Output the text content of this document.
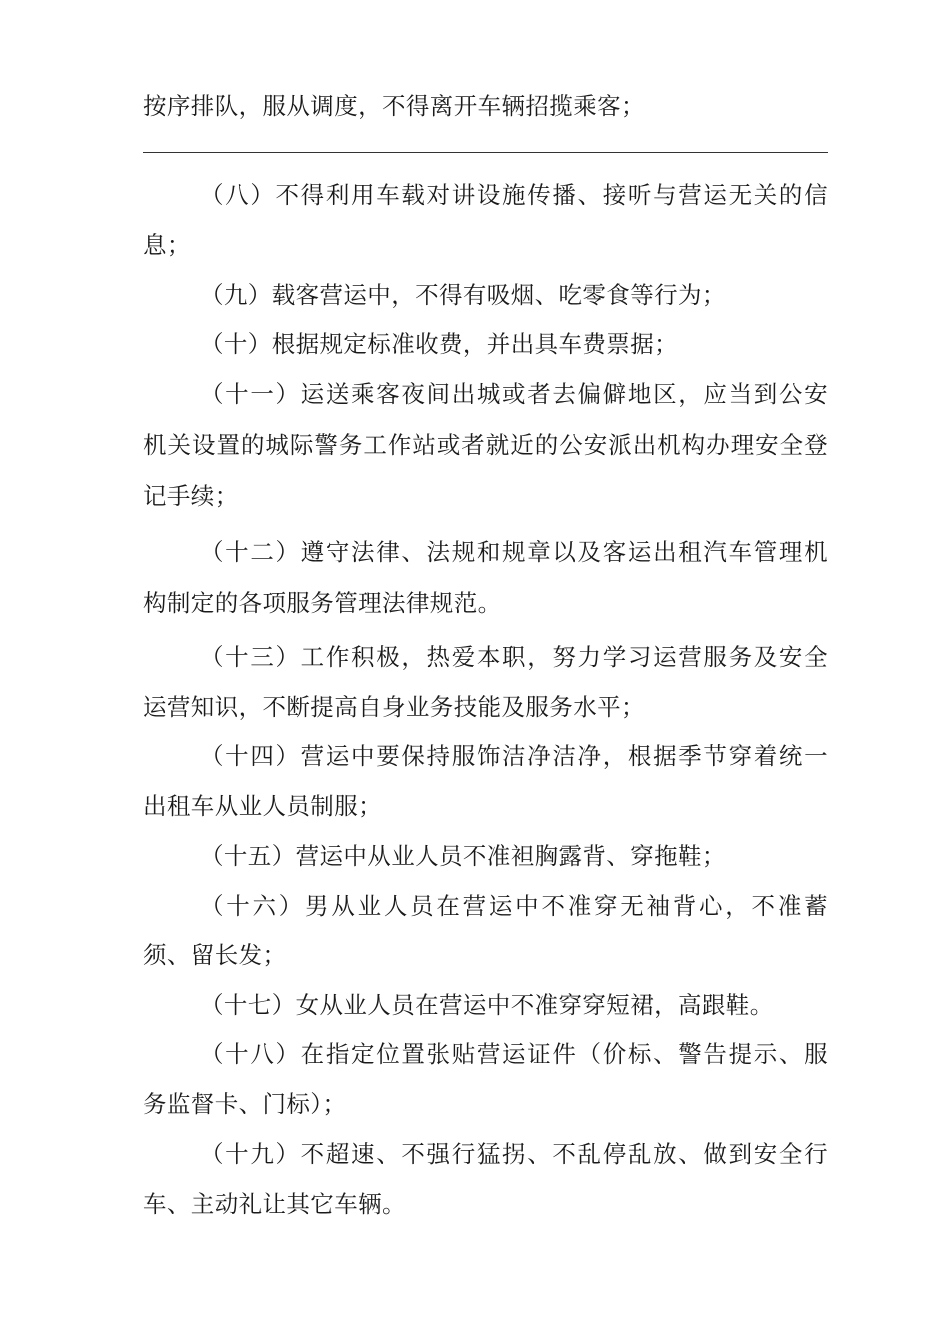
按序排队，服从调度，不得离开车辆招揽乘客；
（八）不得利用车载对讲设施传播、接听与营运无关的信
息；
（九）载客营运中，不得有吸烟、吃零食等行为；
（十）根据规定标准收费，并出具车费票据；
（十一）运送乘客夜间出城或者去偏僻地区，应当到公安
机关设置的城际警务工作站或者就近的公安派出机构办理安全登
记手续；
（十二）遵守法律、法规和规章以及客运出租汽车管理机
构制定的各项服务管理法律规范。
（十三）工作积极，热爱本职，努力学习运营服务及安全
运营知识，不断提高自身业务技能及服务水平；
（十四）营运中要保持服饰洁净洁净，根据季节穿着统一
出租车从业人员制服；
（十五）营运中从业人员不准袒胸露背、穿拖鞋；
（十六）男从业人员在营运中不准穿无袖背心，不准蓄
须、留长发；
（十七）女从业人员在营运中不准穿穿短裙，高跟鞋。
（十八）在指定位置张贴营运证件（价标、警告提示、服
务监督卡、门标）；
（十九）不超速、不强行猛拐、不乱停乱放、做到安全行
车、主动礼让其它车辆。
